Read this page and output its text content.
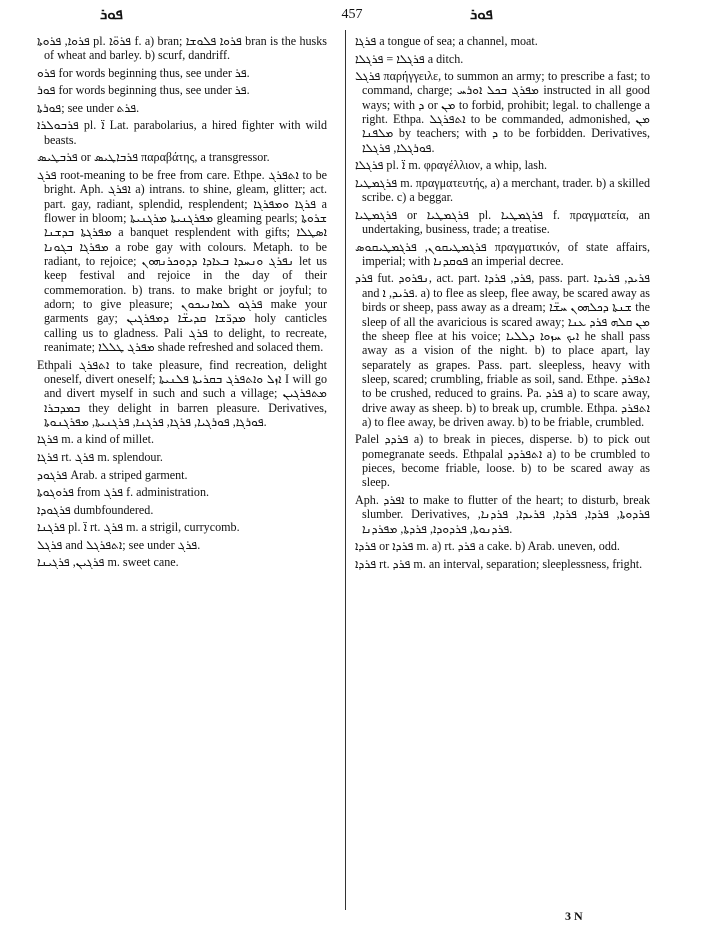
ܦܘܪ	457	ܦܘܪ

ܦܪܘܐ, ܦܪܘܬܐ pl. ܦܪܘ̈ܐ f. a) bran; ܦܪܘܐ ܦܠܘܫܐ bran is the husks of wheat and barley. b) scurf, dandriff.

ܦܪܘ for words beginning thus, see under ܦܪ.

ܦܘܪ for words beginning thus, see under ܦܪ.

ܦܘܪܬܐ; see under ܦܪܬ.

ܦܪܒܘܠܪܐ pl. ܐ̈ Lat. parabolarius, a hired fighter with wild beasts.

ܦܪܒܛܝܣ or ܦܪܒܐܛܝܣ παραβάτης, a transgressor.

ܦܪܓ root-meaning to be free from care. Ethpe. ܐܬܦܪܓ to be bright. Aph. ܐܦܪܓ a) intrans. to shine, gleam, glitter; act. part. gay, radiant, splendid, resplendent; ܦܪܓܐ ܘܡܦܪܓܐ a flower in bloom; ܡܦܪܓܢܝܬܐ ܡܪܓܢܝܬܐ gleaming pearls; ܫܪܘܬܐ ܡܦܪܓܬܐ ܒܕܫܢܐ a banquet resplendent with gifts; ܐܣܛܠܐ ܡܦܪܓܐ ܒܓܘܢܐ a robe gay with colours. Metaph. to be radiant, to rejoice; ܢܦܪܓ ܘܢܚܕܐ ܒܥܐܕܐ ܕܕܘܟܪܢܗܘܢ let us keep festival and rejoice in the day of their commemoration. b) trans. to make bright or joyful; to adorn; to give pleasure; ܦܪܓܘ ܠܡܐܢܝܟܘܢ make your garments gay; ܡܕܪ̈ܫܐ ܩܕܝܫ̈ܐ ܕܡܦܪܓܝܢ holy canticles calling us to gladness. Pali ܦܪܓ to delight, to recreate, reanimate; ܡܦܪܓ ܛܠܠܐ shade refreshed and solaced them.

Ethpali ܐܬܦܪܓ to take pleasure, find recreation, delight oneself, divert oneself; ܐܙܠ ܘܐܬܦܪܓ ܒܩܪܝܬܐ ܦܠܢܝܬܐ I will go and divert myself in such and such a village; ܡܬܦܪܓܝܢ ܒܡܕܒܪܐ they delight in barren pleasure. Derivatives, ܦܘܪܓܐ, ܦܘܪܓܝܐ, ܦܪܓܐ, ܦܪܓܢܐ, ܦܪܓܢܝܬܐ, ܡܦܪܓܢܘܬܐ.

ܦܪܓܐ m. a kind of millet.

ܦܪܓܐ rt. ܦܪܓ m. splendour.

ܦܪܓܘܕ Arab. a striped garment.

ܦܪܘܓܘܬܐ from ܦܪܓ f. administration.

ܦܪܓܘܕܐ dumbfoundered.

ܦܪܓܢܐ pl. ܐ̈ rt. ܦܪܓ m. a strigil, currycomb.

ܦܪܓܠ and ܐܬܦܪܓܠ; see under ܦܪܓ.

ܦܪܓܝܢ, ܦܪܓܝܢܐ m. sweet cane.

ܦܪܓܐ a tongue of sea; a channel, moat.

ܦܪܓܠܐ = ܦܪܓܠܐ a ditch.

ܦܪܓܠ παρήγγειλε, to summon an army; to prescribe a fast; to command, charge; ܡܦܪܓ ܒܟܠ ܐܘܪܚ instructed in all good ways; with ܕ or ܡܢ to forbid, prohibit; legal. to challenge a right. Ethpa. ܐܬܦܪܓܠ to be commanded, admonished, ܡܢ ܡܠܦܢܐ by teachers; with ܕ to be forbidden. Derivatives, ܦܘܪܓܠܐ, ܦܪܓܠܐ.

ܦܪܓܠܐ pl. ܐ̈ m. φραγέλλιον, a whip, lash.

ܦܪܓܡܛܝܐ m. πραγματευτής, a) a merchant, trader. b) a skilled scribe. c) a beggar.

ܦܪܓܡܛܝܐ or ܦܪܓܡܛܝܐ pl. ܦܪܓܡܛܝܐ f. πραγματεία, an undertaking, business, trade; a treatise.

ܦܪܓܡܛܝܩܘܢ, ܦܪܓܡܛܝܩܘܣ πραγματικόν, of state affairs, imperial; with ܦܘܩܕܢܐ an imperial decree.

ܦܪܕ fut. ܢܦܪܘܕ, act. part. ܦܪܕ, ܦܪܕܐ, pass. part. ܦܪܝܕ, ܦܪܝܕܐ and ܦܪܝܕ, ܐ. a) to flee as sleep, flee away, be scared away as birds or sheep, pass away as a dream; ܫܢܬܐ ܕܟܠܗܘܢ ܚܫ̈ܐ the sleep of all the avaricious is scared away; ܡܢ ܩܠܗ ܦܪܕ ܥܢܐ the sheep flee at his voice; ܐܝܟ ܚܙܘܐ ܕܠܠܝܐ he shall pass away as a vision of the night. b) to place apart, lay separately as grapes. Pass. part. sleepless, heavy with sleep, scared; crumbling, friable as soil, sand. Ethpe. ܐܬܦܪܕ to be crushed, reduced to grains. Pa. ܦܪܕ a) to scare away, drive away as sheep. b) to break up, crumble. Ethpa. ܐܬܦܪܕ a) to flee away, be driven away. b) to be friable, crumbled.

Palel ܦܪܕܕ a) to break in pieces, disperse. b) to pick out pomegranate seeds. Ethpalal ܐܬܦܪܕܕ a) to be crumbled to pieces, become friable, loose. b) to be scared away as sleep.

Aph. ܐܦܪܕ to make to flutter of the heart; to disturb, break slumber. Derivatives, ܦܪܕܘܬܐ, ܦܪܕܐ, ܦܪܕܐ, ܦܪܝܕܐ, ܦܪܕܢܐ, ܦܪܕܢܘܬܐ, ܦܪܕܘܕܐ, ܦܪܕܬܐ, ܡܦܪܕܢܐ.

ܦܪܕܐ or ܦܪܕܐ m. a) rt. ܦܪܕ a cake. b) Arab. uneven, odd.

ܦܪܕܐ rt. ܦܪܕ m. an interval, separation; sleeplessness, fright.

3 N
